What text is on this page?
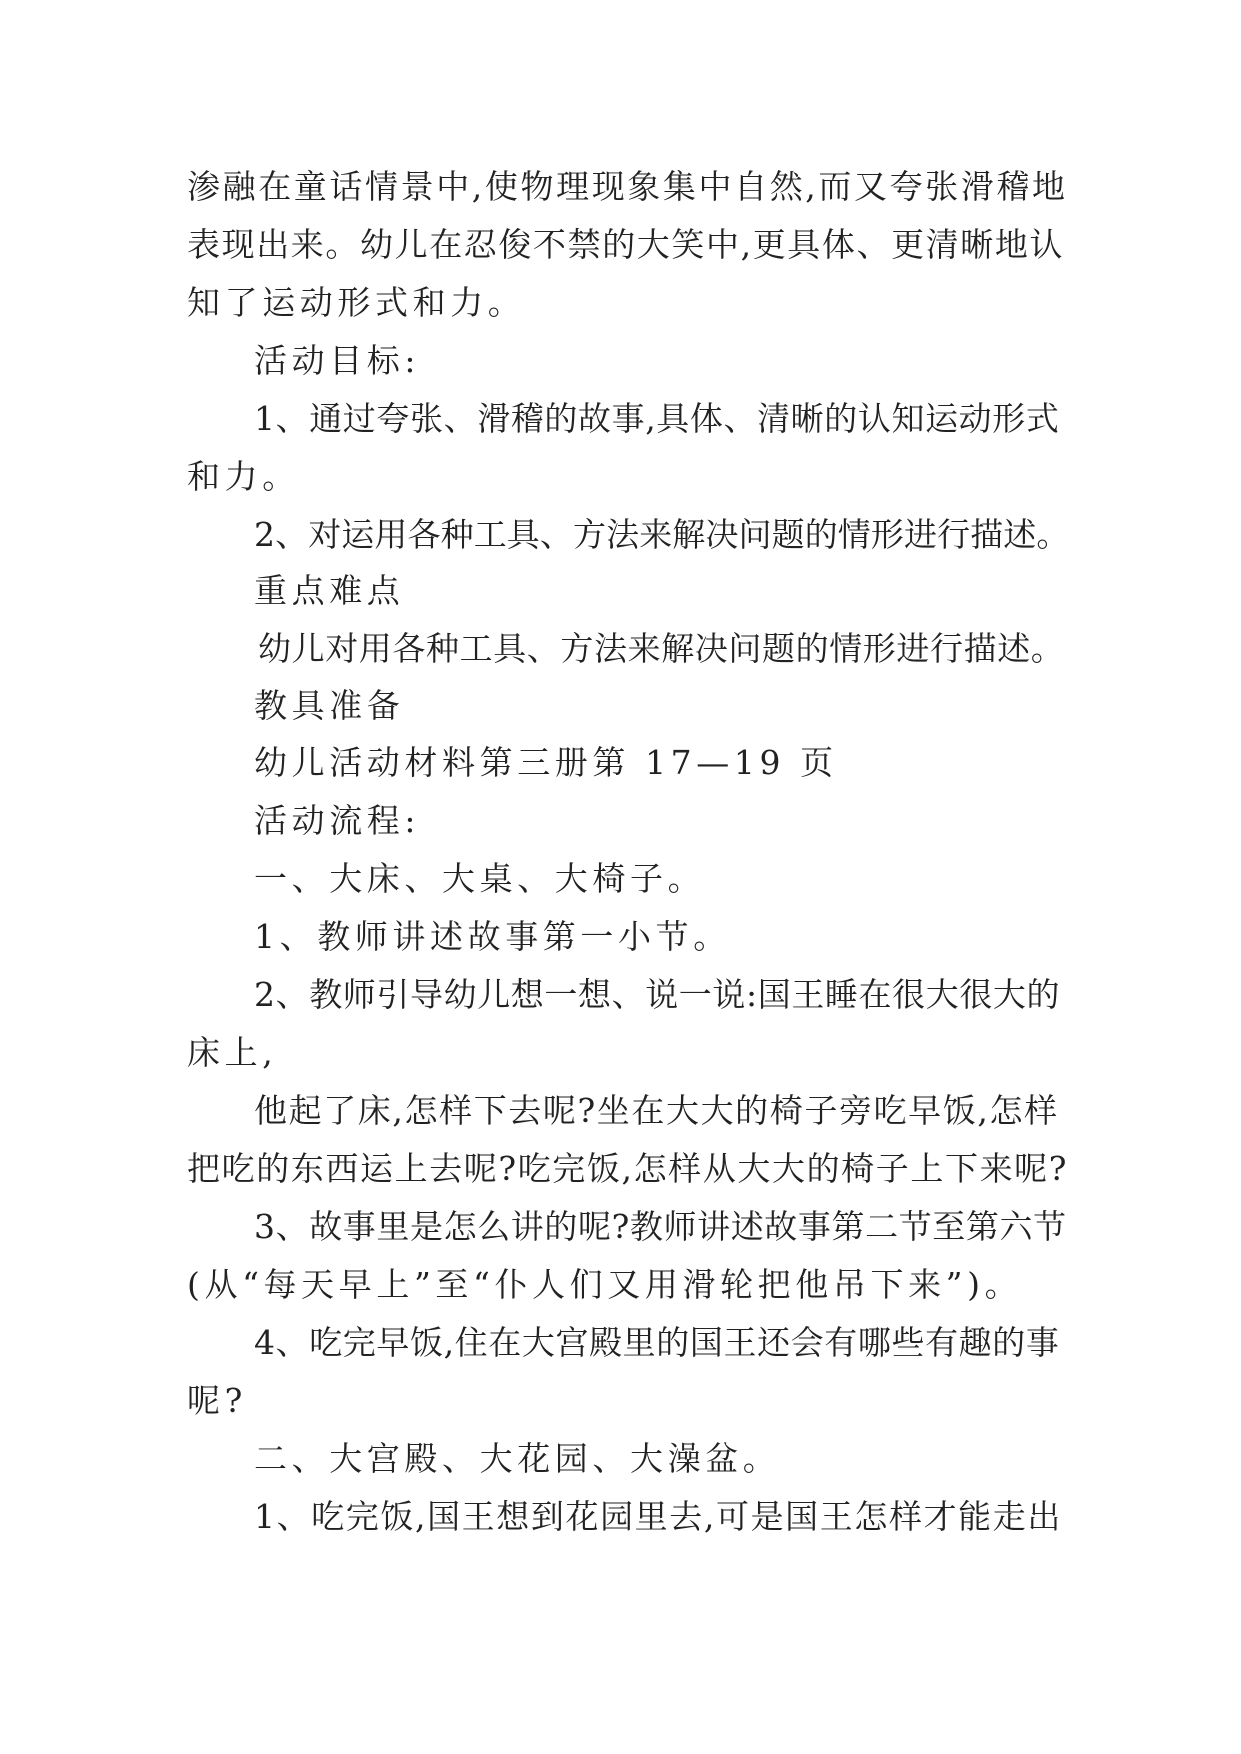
渗融在童话情景中,使物理现象集中自然,而又夸张滑稽地
表现出来。幼儿在忍俊不禁的大笑中,更具体、更清晰地认
知了运动形式和力。
活动目标:
1、通过夸张、滑稽的故事,具体、清晰的认知运动形式
和力。
2、对运用各种工具、方法来解决问题的情形进行描述。
重点难点
幼儿对用各种工具、方法来解决问题的情形进行描述。
教具准备
幼儿活动材料第三册第 17—19 页
活动流程:
一、大床、大桌、大椅子。
1、教师讲述故事第一小节。
2、教师引导幼儿想一想、说一说:国王睡在很大很大的
床上,
他起了床,怎样下去呢?坐在大大的椅子旁吃早饭,怎样
把吃的东西运上去呢?吃完饭,怎样从大大的椅子上下来呢?
3、故事里是怎么讲的呢?教师讲述故事第二节至第六节
(从“每天早上”至“仆人们又用滑轮把他吊下来”)。
4、吃完早饭,住在大宫殿里的国王还会有哪些有趣的事
呢?
二、大宫殿、大花园、大澡盆。
1、吃完饭,国王想到花园里去,可是国王怎样才能走出
